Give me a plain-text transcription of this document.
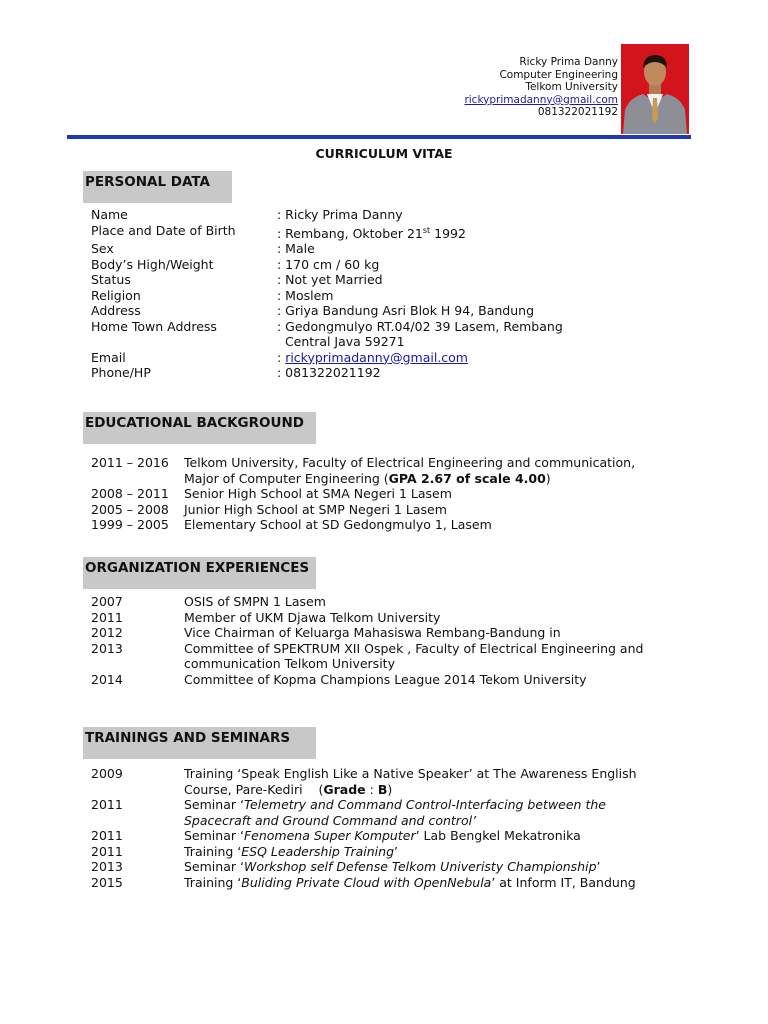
Ricky Prima Danny
Computer Engineering
Telkom University
rickyprimadanny@gmail.com
081322021192
CURRICULUM VITAE
PERSONAL DATA
Name	: Ricky Prima Danny
Place and Date of Birth	: Rembang, Oktober 21st 1992
Sex	: Male
Body’s High/Weight	: 170 cm / 60 kg
Status	: Not yet Married
Religion	: Moslem
Address	: Griya Bandung Asri Blok H 94, Bandung
Home Town Address	: Gedongmulyo RT.04/02 39 Lasem, Rembang
Central Java 59271
Email	: rickyprimadanny@gmail.com
Phone/HP	: 081322021192
EDUCATIONAL BACKGROUND
2011 – 2016	Telkom University, Faculty of Electrical Engineering and communication,
Major of Computer Engineering (GPA 2.67 of scale 4.00)
2008 – 2011	Senior High School at SMA Negeri 1 Lasem
2005 – 2008	Junior High School at SMP Negeri 1 Lasem
1999 – 2005	Elementary School at SD Gedongmulyo 1, Lasem
ORGANIZATION EXPERIENCES
2007	OSIS of SMPN 1 Lasem
2011	Member of UKM Djawa Telkom University
2012	Vice Chairman of Keluarga Mahasiswa Rembang-Bandung in
2013	Committee of SPEKTRUM XII Ospek , Faculty of Electrical Engineering and
communication Telkom University
2014	Committee of Kopma Champions League 2014 Tekom University
TRAININGS AND SEMINARS
2009	Training ‘Speak English Like a Native Speaker’ at The Awareness English
Course, Pare-Kediri    (Grade : B)
2011	Seminar ‘Telemetry and Command Control-Interfacing between the
Spacecraft and Ground Command and control’
2011	Seminar ‘Fenomena Super Komputer’ Lab Bengkel Mekatronika
2011	Training ‘ESQ Leadership Training’
2013	Seminar ‘Workshop self Defense Telkom Univeristy Championship’
2015	Training ‘Buliding Private Cloud with OpenNebula’ at Inform IT, Bandung
